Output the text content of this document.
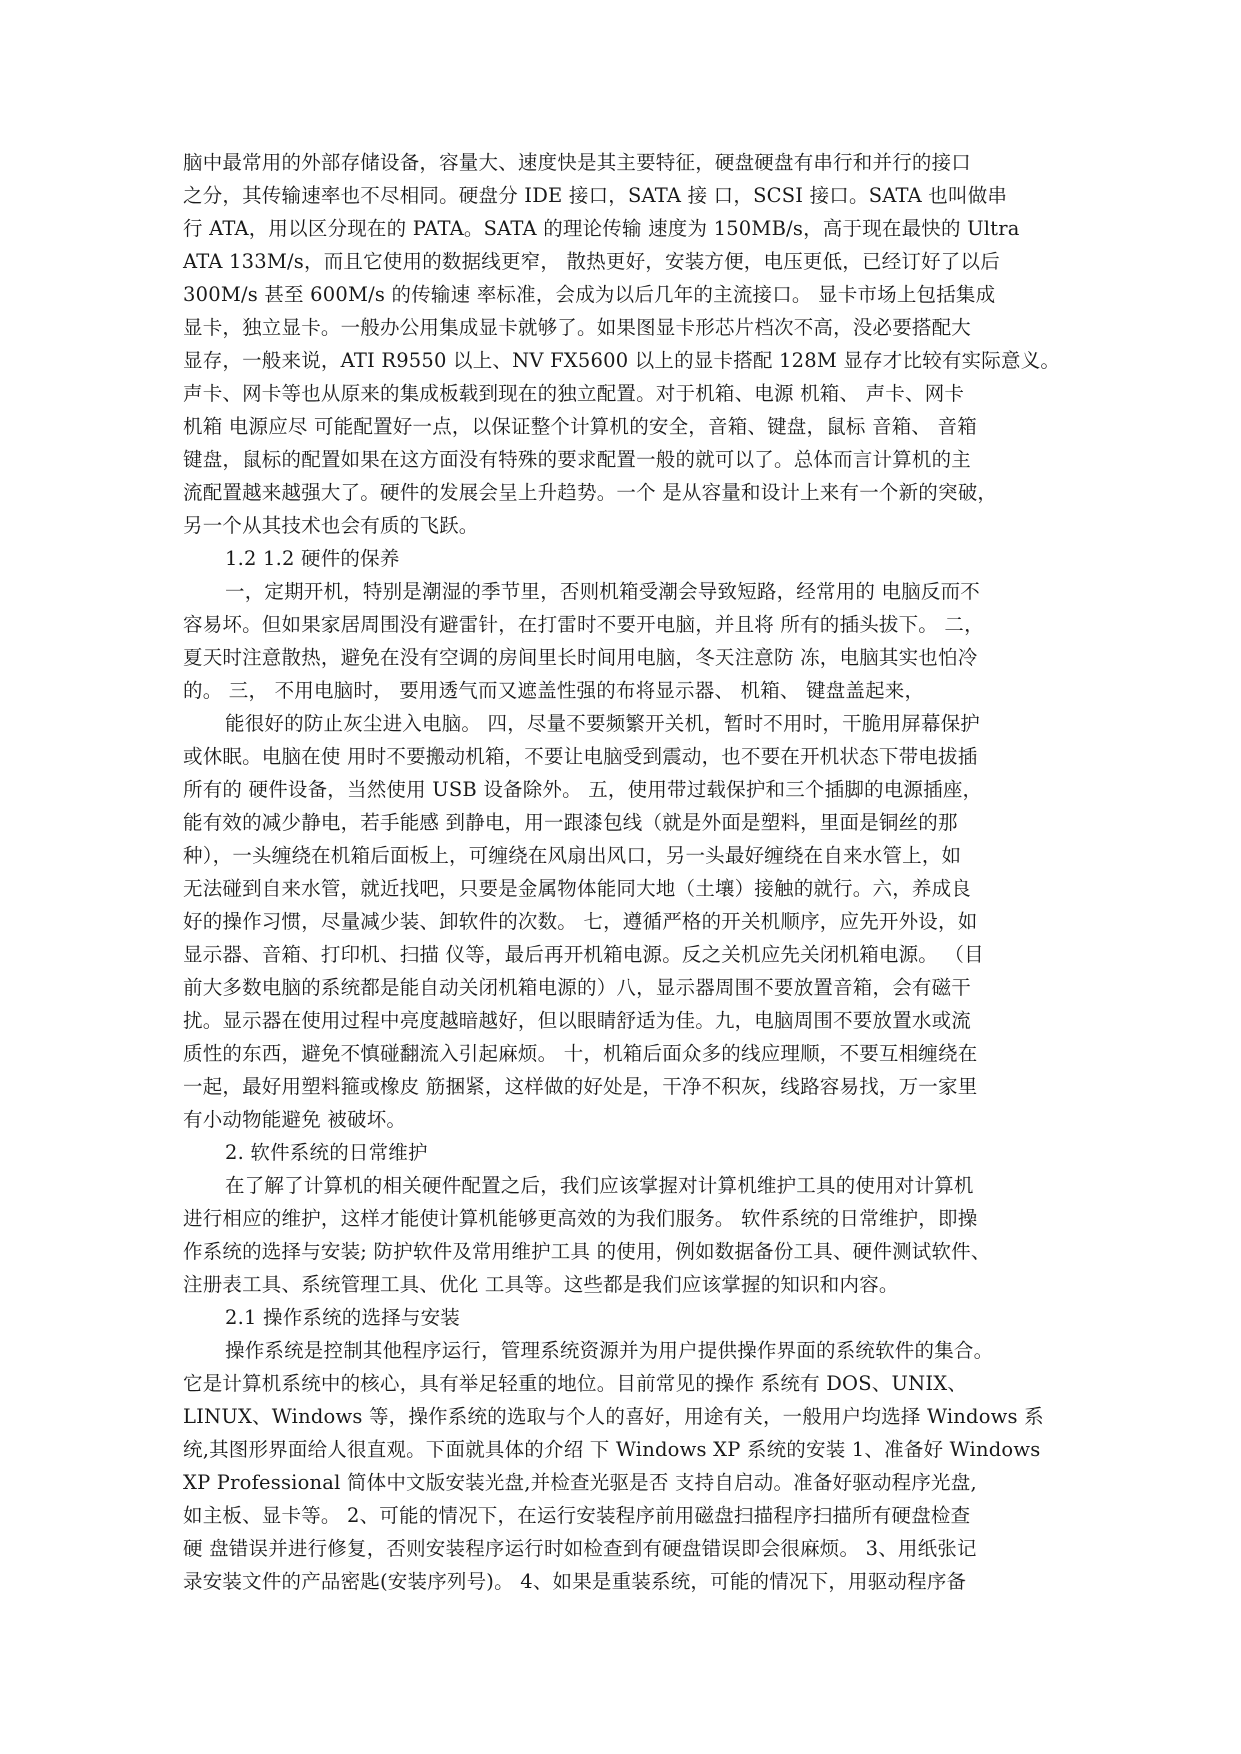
脑中最常用的外部存储设备，容量大、速度快是其主要特征，硬盘硬盘有串行和并行的接口
之分，其传输速率也不尽相同。硬盘分 IDE 接口，SATA 接 口，SCSI 接口。SATA 也叫做串
行 ATA，用以区分现在的 PATA。SATA 的理论传输 速度为 150MB/s，高于现在最快的 Ultra
ATA 133M/s，而且它使用的数据线更窄， 散热更好，安装方便，电压更低，已经订好了以后
300M/s 甚至 600M/s 的传输速 率标准，会成为以后几年的主流接口。 显卡市场上包括集成
显卡，独立显卡。一般办公用集成显卡就够了。如果图显卡形芯片档次不高，没必要搭配大
显存，一般来说，ATI R9550 以上、NV FX5600 以上的显卡搭配 128M 显存才比较有实际意义。
声卡、网卡等也从原来的集成板载到现在的独立配置。对于机箱、电源 机箱、 声卡、网卡
机箱 电源应尽 可能配置好一点，以保证整个计算机的安全，音箱、键盘，鼠标 音箱、 音箱
键盘，鼠标的配置如果在这方面没有特殊的要求配置一般的就可以了。总体而言计算机的主
流配置越来越强大了。硬件的发展会呈上升趋势。一个 是从容量和设计上来有一个新的突破，
另一个从其技术也会有质的飞跃。
1.2 1.2 硬件的保养
一，定期开机，特别是潮湿的季节里，否则机箱受潮会导致短路，经常用的 电脑反而不
容易坏。但如果家居周围没有避雷针，在打雷时不要开电脑，并且将 所有的插头拔下。 二，
夏天时注意散热，避免在没有空调的房间里长时间用电脑，冬天注意防 冻，电脑其实也怕冷
的。 三， 不用电脑时， 要用透气而又遮盖性强的布将显示器、 机箱、 键盘盖起来，
能很好的防止灰尘进入电脑。 四，尽量不要频繁开关机，暂时不用时，干脆用屏幕保护
或休眠。电脑在使 用时不要搬动机箱，不要让电脑受到震动，也不要在开机状态下带电拔插
所有的 硬件设备，当然使用 USB 设备除外。 五，使用带过载保护和三个插脚的电源插座，
能有效的减少静电，若手能感 到静电，用一跟漆包线（就是外面是塑料，里面是铜丝的那
种），一头缠绕在机箱后面板上，可缠绕在风扇出风口，另一头最好缠绕在自来水管上，如
无法碰到自来水管，就近找吧，只要是金属物体能同大地（土壤）接触的就行。六，养成良
好的操作习惯，尽量减少装、卸软件的次数。 七，遵循严格的开关机顺序，应先开外设，如
显示器、音箱、打印机、扫描 仪等，最后再开机箱电源。反之关机应先关闭机箱电源。 （目
前大多数电脑的系统都是能自动关闭机箱电源的）八，显示器周围不要放置音箱，会有磁干
扰。显示器在使用过程中亮度越暗越好，但以眼睛舒适为佳。九，电脑周围不要放置水或流
质性的东西，避免不慎碰翻流入引起麻烦。 十，机箱后面众多的线应理顺，不要互相缠绕在
一起，最好用塑料箍或橡皮 筋捆紧，这样做的好处是，干净不积灰，线路容易找，万一家里
有小动物能避免 被破坏。
2. 软件系统的日常维护
在了解了计算机的相关硬件配置之后，我们应该掌握对计算机维护工具的使用对计算机
进行相应的维护，这样才能使计算机能够更高效的为我们服务。 软件系统的日常维护，即操
作系统的选择与安装; 防护软件及常用维护工具 的使用，例如数据备份工具、硬件测试软件、
注册表工具、系统管理工具、优化 工具等。这些都是我们应该掌握的知识和内容。
2.1 操作系统的选择与安装
操作系统是控制其他程序运行，管理系统资源并为用户提供操作界面的系统软件的集合。
它是计算机系统中的核心，具有举足轻重的地位。目前常见的操作 系统有 DOS、UNIX、
LINUX、Windows 等，操作系统的选取与个人的喜好，用途有关，一般用户均选择 Windows 系
统,其图形界面给人很直观。下面就具体的介绍 下 Windows XP 系统的安装 1、准备好 Windows
XP Professional 简体中文版安装光盘,并检查光驱是否 支持自启动。准备好驱动程序光盘,
如主板、显卡等。 2、可能的情况下，在运行安装程序前用磁盘扫描程序扫描所有硬盘检查
硬 盘错误并进行修复，否则安装程序运行时如检查到有硬盘错误即会很麻烦。 3、用纸张记
录安装文件的产品密匙(安装序列号)。 4、如果是重装系统，可能的情况下，用驱动程序备
